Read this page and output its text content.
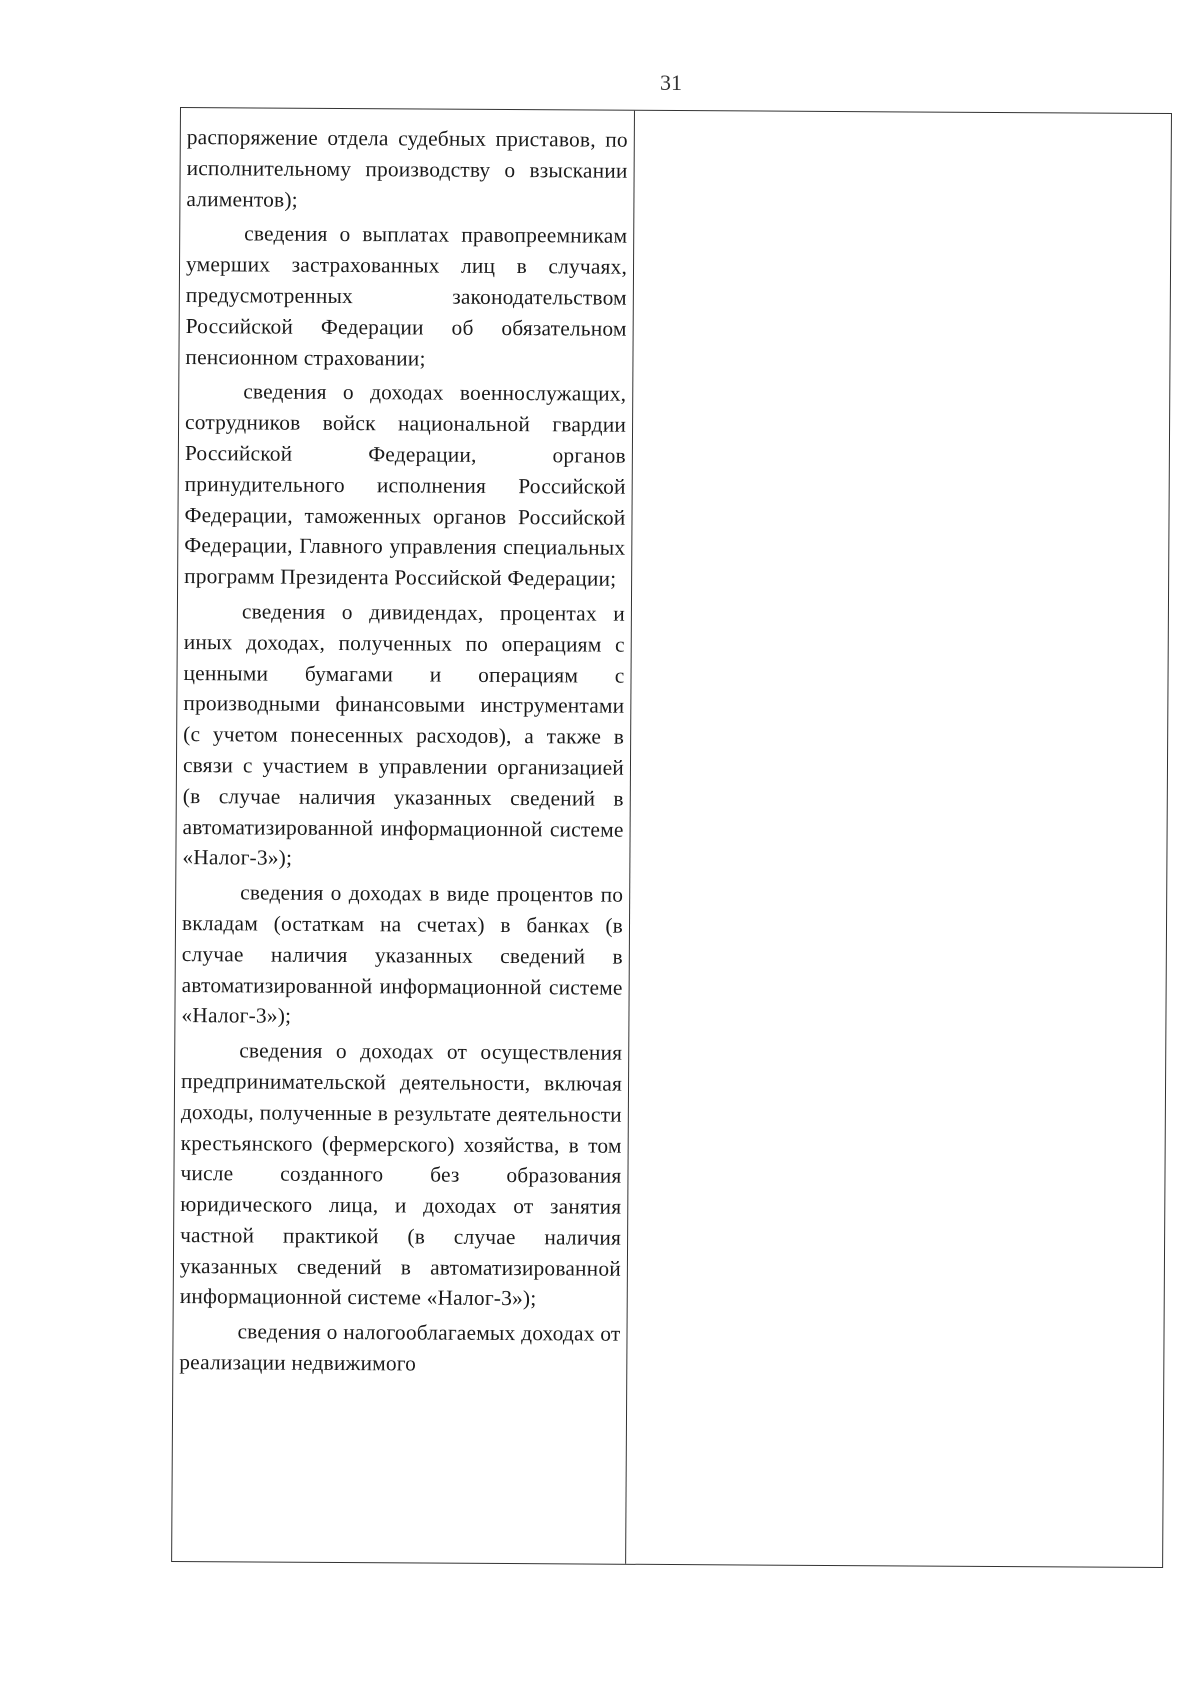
31

распоряжение отдела судебных приставов, по исполнительному производству о взыскании алиментов);

сведения о выплатах правопреемникам умерших застрахованных лиц в случаях, предусмотренных законодательством Российской Федерации об обязательном пенсионном страховании;

сведения о доходах военнослужащих, сотрудников войск национальной гвардии Российской Федерации, органов принудительного исполнения Российской Федерации, таможенных органов Российской Федерации, Главного управления специальных программ Президента Российской Федерации;

сведения о дивидендах, процентах и иных доходах, полученных по операциям с ценными бумагами и операциям с производными финансовыми инструментами (с учетом понесенных расходов), а также в связи с участием в управлении организацией (в случае наличия указанных сведений в автоматизированной информационной системе «Налог-3»);

сведения о доходах в виде процентов по вкладам (остаткам на счетах) в банках (в случае наличия указанных сведений в автоматизированной информационной системе «Налог-3»);

сведения о доходах от осуществления предпринимательской деятельности, включая доходы, полученные в результате деятельности крестьянского (фермерского) хозяйства, в том числе созданного без образования юридического лица, и доходах от занятия частной практикой (в случае наличия указанных сведений в автоматизированной информационной системе «Налог-3»);

сведения о налогооблагаемых доходах от реализации недвижимого
